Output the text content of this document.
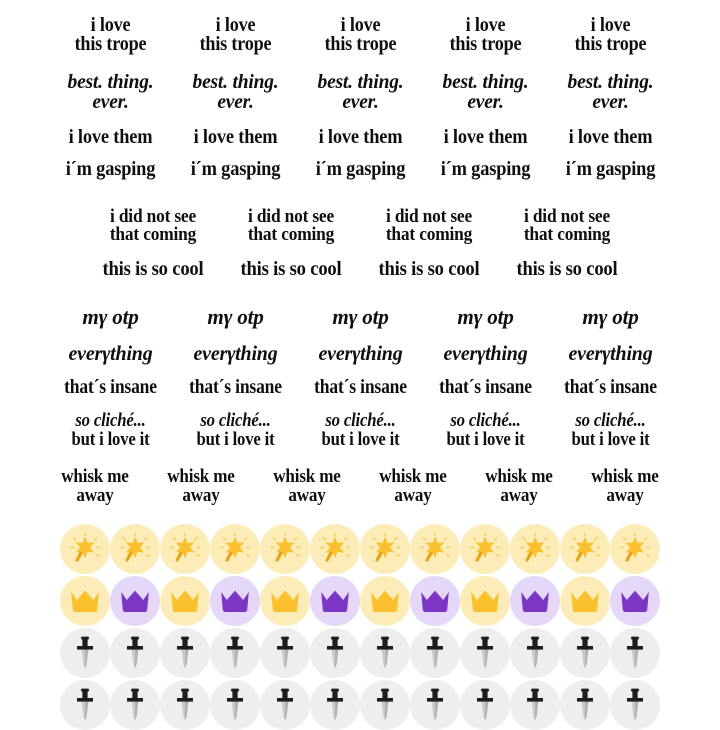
i love
this trope
i love
this trope
i love
this trope
i love
this trope
i love
this trope
best. thing.
ever.
best. thing.
ever.
best. thing.
ever.
best. thing.
ever.
best. thing.
ever.
i love them	i love them	i love them	i love them	i love them
i´m gasping	i´m gasping	i´m gasping	i´m gasping	i´m gasping
i did not see
that coming
i did not see
that coming
i did not see
that coming
i did not see
that coming
this is so cool	this is so cool	this is so cool	this is so cool
mγ otp	mγ otp	mγ otp	mγ otp	mγ otp
everγthing	everγthing	everγthing	everγthing	everγthing
that´s insane	that´s insane	that´s insane	that´s insane	that´s insane
so cliché...
but i love it
so cliché...
but i love it
so cliché...
but i love it
so cliché...
but i love it
so cliché...
but i love it
whisk me
away
whisk me
away
whisk me
away
whisk me
away
whisk me
away
whisk me
away
